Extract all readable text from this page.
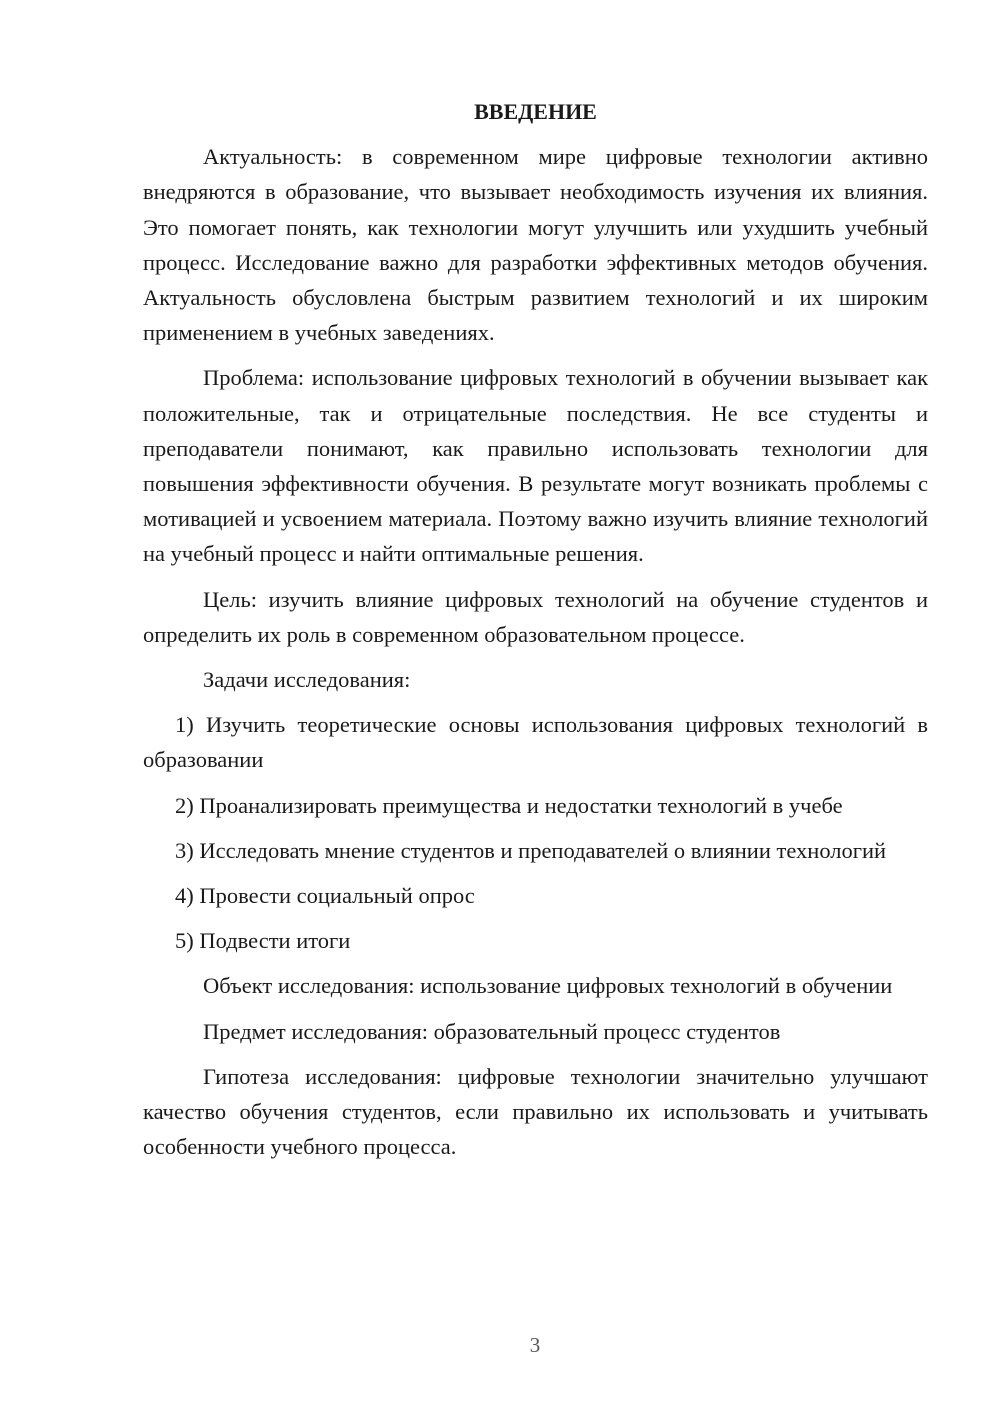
ВВЕДЕНИЕ

Актуальность: в современном мире цифровые технологии активно внедряются в образование, что вызывает необходимость изучения их влияния. Это помогает понять, как технологии могут улучшить или ухудшить учебный процесс. Исследование важно для разработки эффективных методов обучения. Актуальность обусловлена быстрым развитием технологий и их широким применением в учебных заведениях.

Проблема: использование цифровых технологий в обучении вызывает как положительные, так и отрицательные последствия. Не все студенты и преподаватели понимают, как правильно использовать технологии для повышения эффективности обучения. В результате могут возникать проблемы с мотивацией и усвоением материала. Поэтому важно изучить влияние технологий на учебный процесс и найти оптимальные решения.

Цель: изучить влияние цифровых технологий на обучение студентов и определить их роль в современном образовательном процессе.

Задачи исследования:

1) Изучить теоретические основы использования цифровых технологий в образовании

2) Проанализировать преимущества и недостатки технологий в учебе

3) Исследовать мнение студентов и преподавателей о влиянии технологий

4) Провести социальный опрос

5) Подвести итоги

Объект исследования: использование цифровых технологий в обучении

Предмет исследования: образовательный процесс студентов

Гипотеза исследования: цифровые технологии значительно улучшают качество обучения студентов, если правильно их использовать и учитывать особенности учебного процесса.

3
